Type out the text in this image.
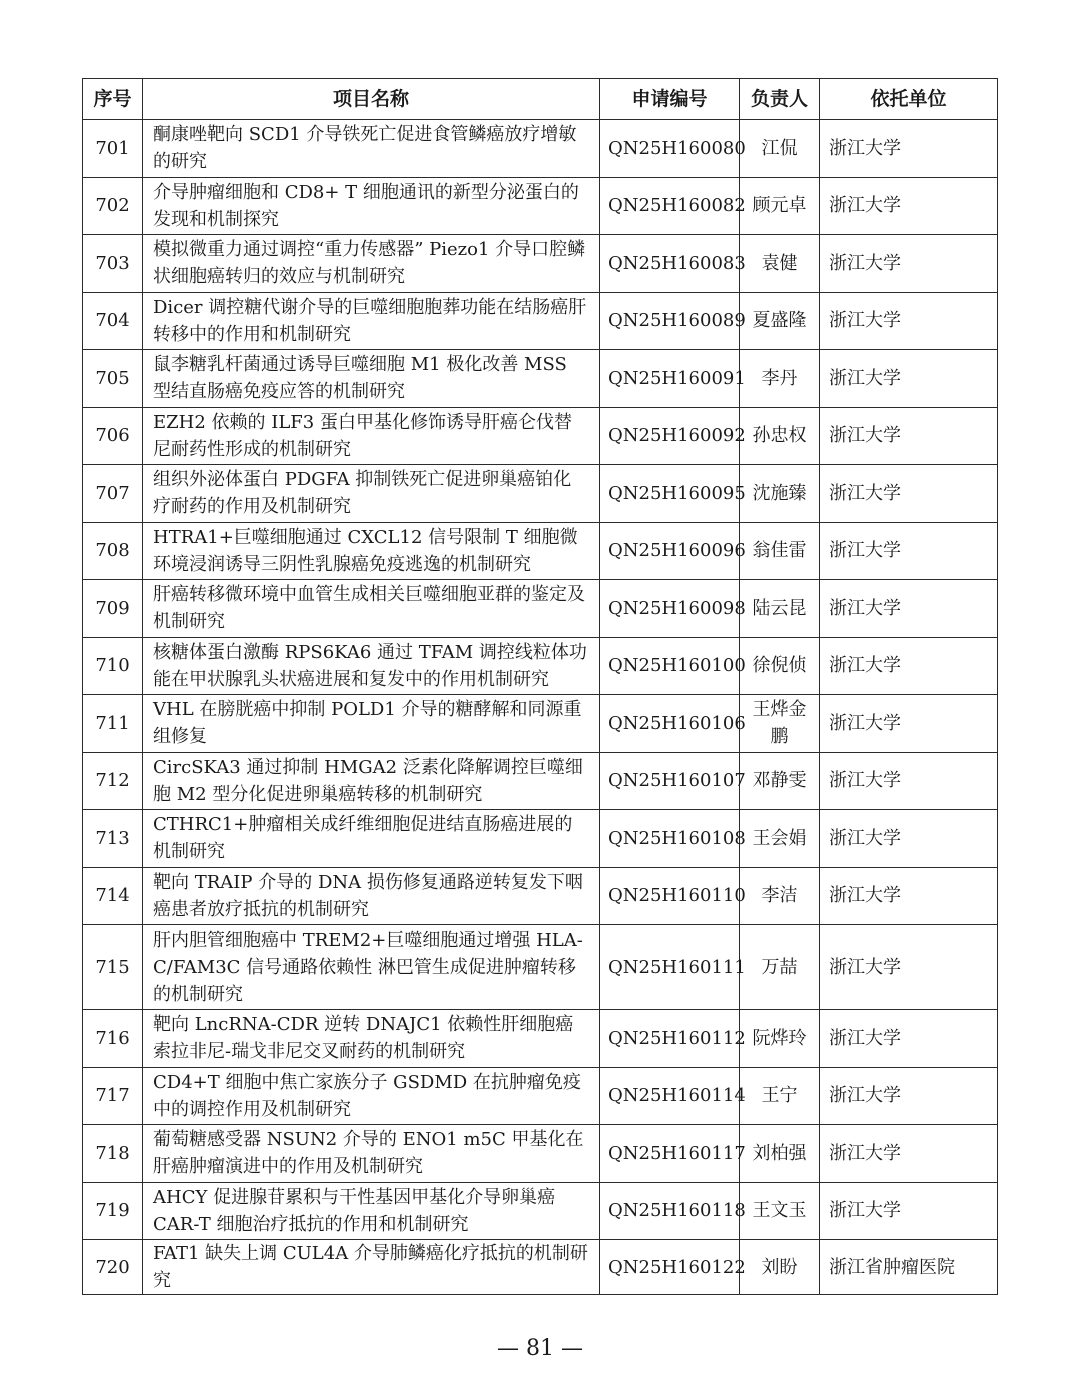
序号	项目名称	申请编号	负责人	依托单位
701	酮康唑靶向 SCD1 介导铁死亡促进食管鳞癌放疗增敏的研究	QN25H160080	江侃	浙江大学
702	介导肿瘤细胞和 CD8+ T 细胞通讯的新型分泌蛋白的发现和机制探究	QN25H160082	顾元卓	浙江大学
703	模拟微重力通过调控“重力传感器” Piezo1 介导口腔鳞状细胞癌转归的效应与机制研究	QN25H160083	袁健	浙江大学
704	Dicer 调控糖代谢介导的巨噬细胞胞葬功能在结肠癌肝转移中的作用和机制研究	QN25H160089	夏盛隆	浙江大学
705	鼠李糖乳杆菌通过诱导巨噬细胞 M1 极化改善 MSS 型结直肠癌免疫应答的机制研究	QN25H160091	李丹	浙江大学
706	EZH2 依赖的 ILF3 蛋白甲基化修饰诱导肝癌仑伐替尼耐药性形成的机制研究	QN25H160092	孙忠权	浙江大学
707	组织外泌体蛋白 PDGFA 抑制铁死亡促进卵巢癌铂化疗耐药的作用及机制研究	QN25H160095	沈施臻	浙江大学
708	HTRA1+巨噬细胞通过 CXCL12 信号限制 T 细胞微环境浸润诱导三阴性乳腺癌免疫逃逸的机制研究	QN25H160096	翁佳雷	浙江大学
709	肝癌转移微环境中血管生成相关巨噬细胞亚群的鉴定及机制研究	QN25H160098	陆云昆	浙江大学
710	核糖体蛋白激酶 RPS6KA6 通过 TFAM 调控线粒体功能在甲状腺乳头状癌进展和复发中的作用机制研究	QN25H160100	徐倪侦	浙江大学
711	VHL 在膀胱癌中抑制 POLD1 介导的糖酵解和同源重组修复	QN25H160106	王烨金鹏	浙江大学
712	CircSKA3 通过抑制 HMGA2 泛素化降解调控巨噬细胞 M2 型分化促进卵巢癌转移的机制研究	QN25H160107	邓静雯	浙江大学
713	CTHRC1+肿瘤相关成纤维细胞促进结直肠癌进展的机制研究	QN25H160108	王会娟	浙江大学
714	靶向 TRAIP 介导的 DNA 损伤修复通路逆转复发下咽癌患者放疗抵抗的机制研究	QN25H160110	李洁	浙江大学
715	肝内胆管细胞癌中 TREM2+巨噬细胞通过增强 HLA-C/FAM3C 信号通路依赖性 淋巴管生成促进肿瘤转移的机制研究	QN25H160111	万喆	浙江大学
716	靶向 LncRNA-CDR 逆转 DNAJC1 依赖性肝细胞癌索拉非尼-瑞戈非尼交叉耐药的机制研究	QN25H160112	阮烨玲	浙江大学
717	CD4+T 细胞中焦亡家族分子 GSDMD 在抗肿瘤免疫中的调控作用及机制研究	QN25H160114	王宁	浙江大学
718	葡萄糖感受器 NSUN2 介导的 ENO1 m5C 甲基化在肝癌肿瘤演进中的作用及机制研究	QN25H160117	刘柏强	浙江大学
719	AHCY 促进腺苷累积与干性基因甲基化介导卵巢癌 CAR-T 细胞治疗抵抗的作用和机制研究	QN25H160118	王文玉	浙江大学
720	FAT1 缺失上调 CUL4A 介导肺鳞癌化疗抵抗的机制研究	QN25H160122	刘盼	浙江省肿瘤医院
— 81 —
